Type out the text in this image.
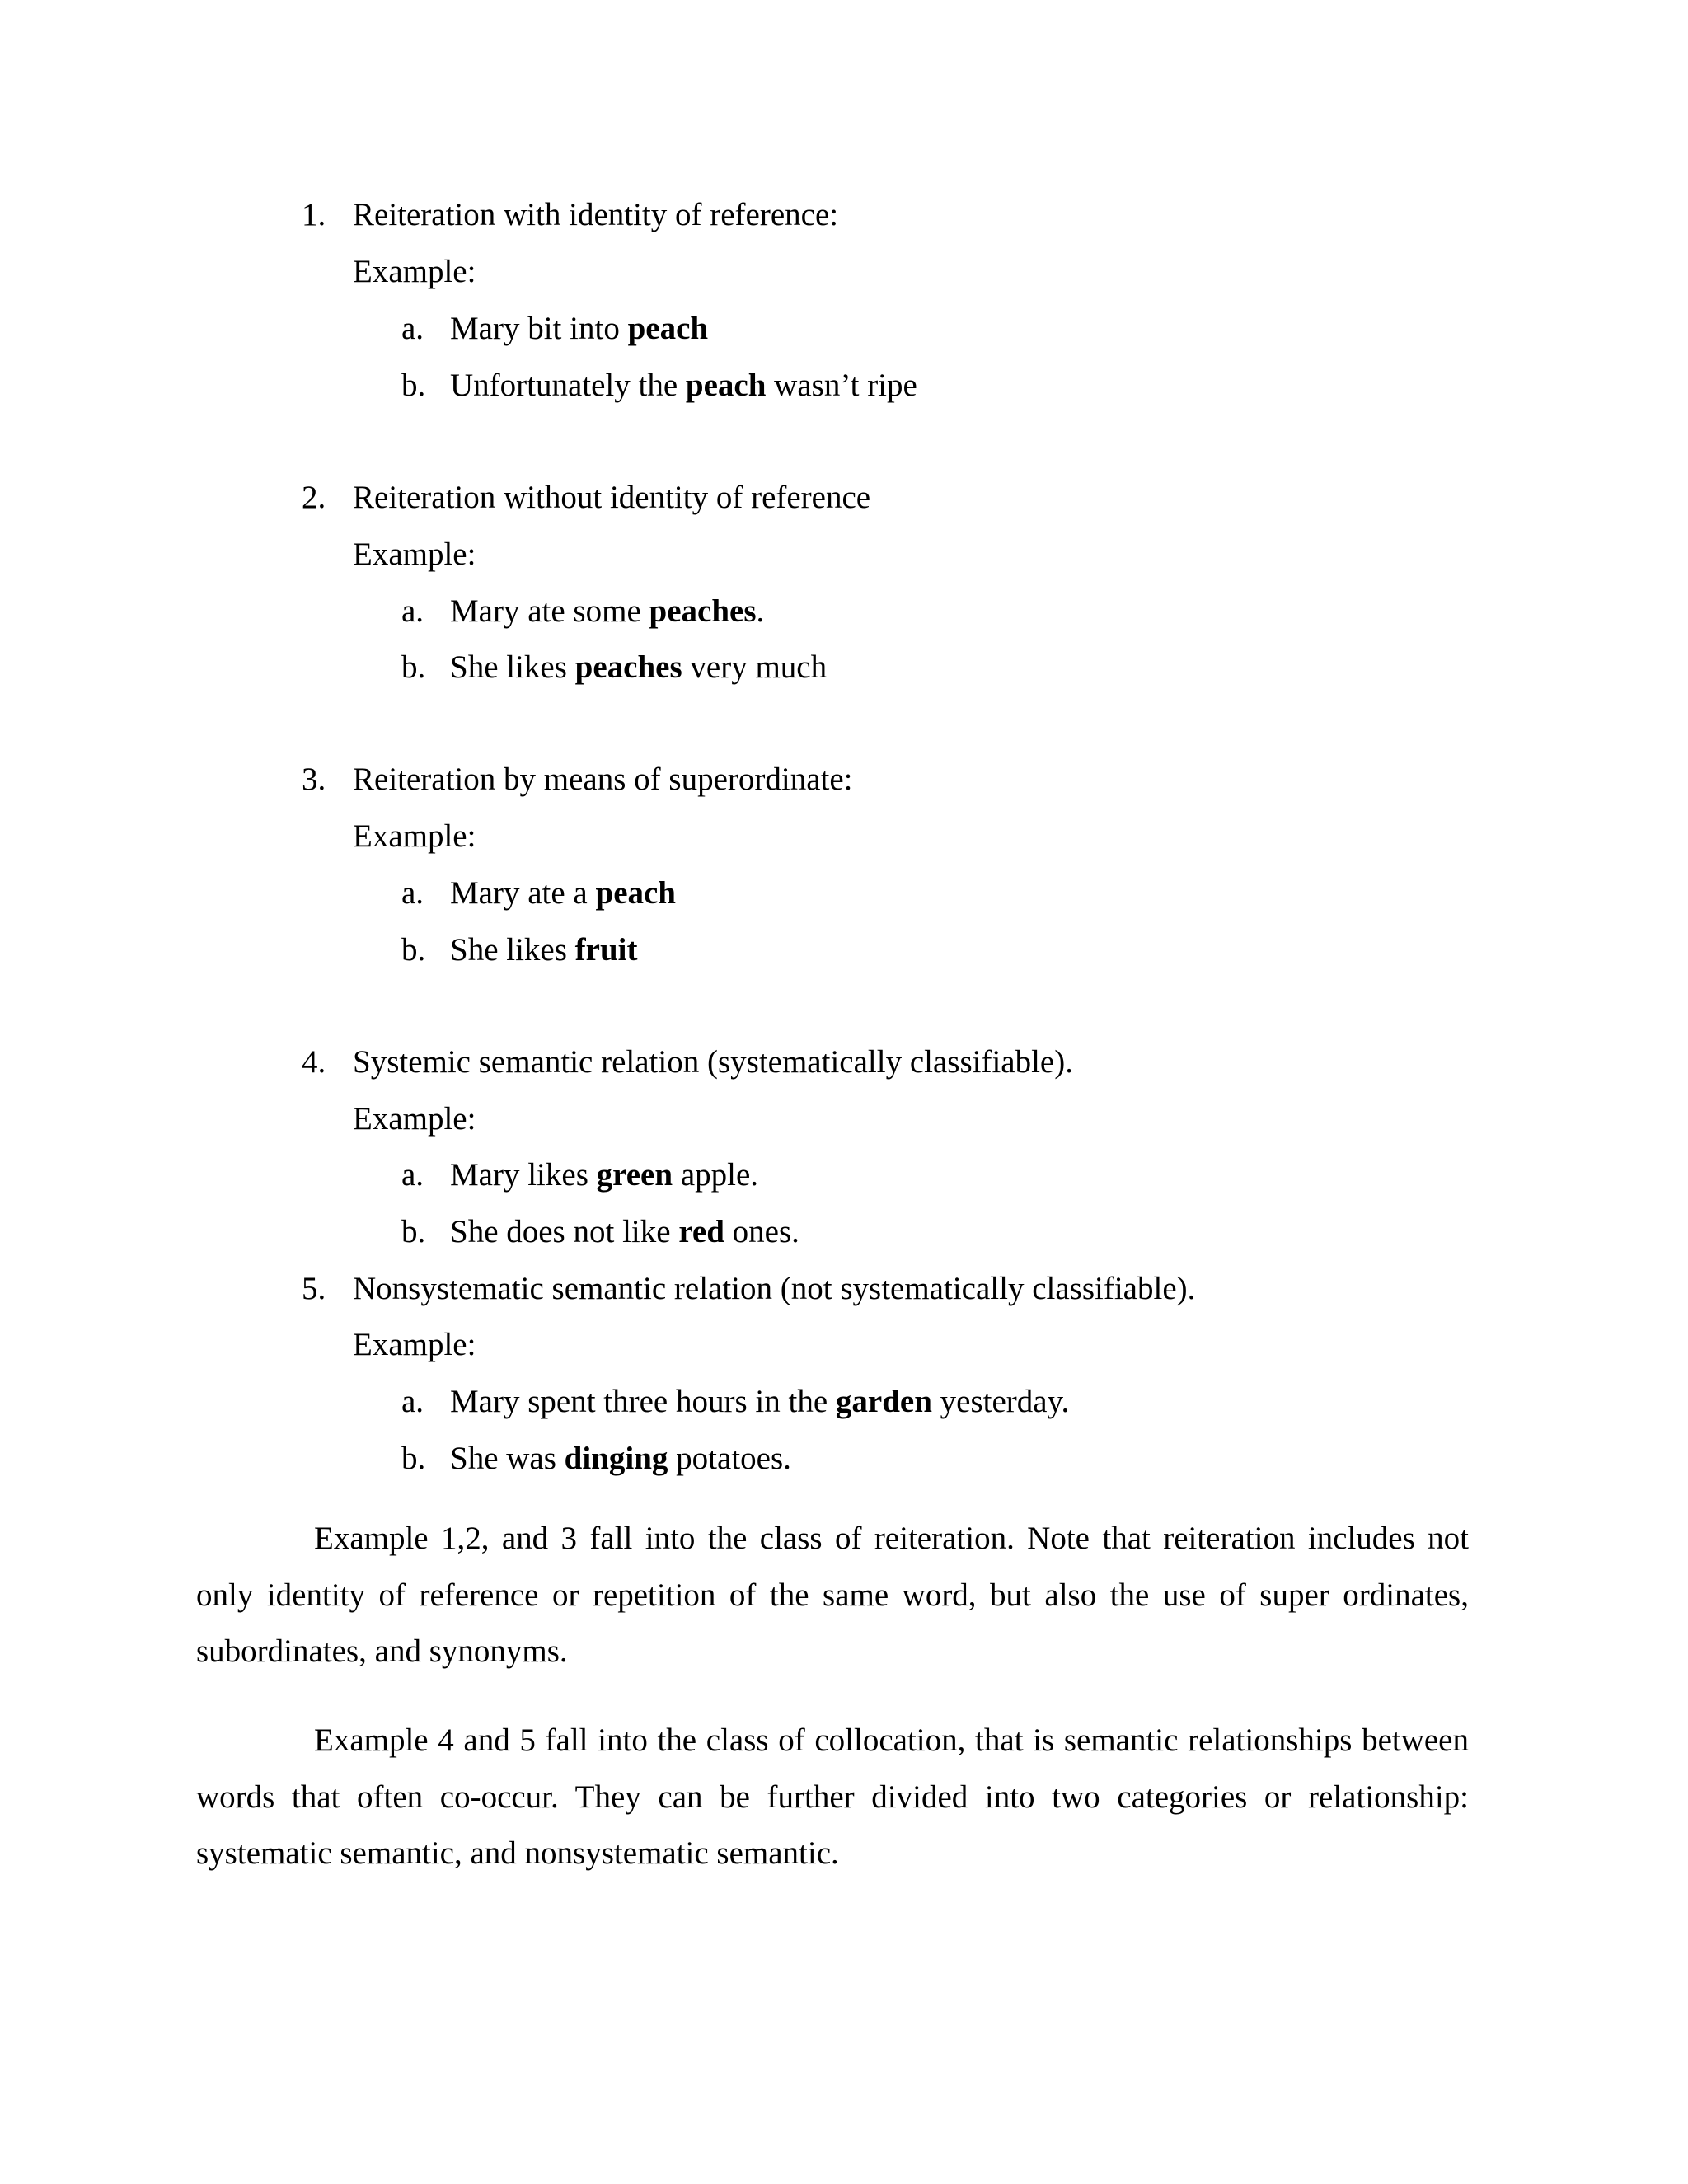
1. Reiteration with identity of reference:
Example:
a. Mary bit into peach
b. Unfortunately the peach wasn’t ripe
2. Reiteration without identity of reference
Example:
a. Mary ate some peaches.
b. She likes peaches very much
3. Reiteration by means of superordinate:
Example:
a. Mary ate a peach
b. She likes fruit
4. Systemic semantic relation (systematically classifiable).
Example:
a. Mary likes green apple.
b. She does not like red ones.
5. Nonsystematic semantic relation (not systematically classifiable).
Example:
a. Mary spent three hours in the garden yesterday.
b. She was dinging potatoes.

Example 1,2, and 3 fall into the class of reiteration. Note that reiteration includes not only identity of reference or repetition of the same word, but also the use of super ordinates, subordinates, and synonyms.

Example 4 and 5 fall into the class of collocation, that is semantic relationships between words that often co-occur. They can be further divided into two categories or relationship: systematic semantic, and nonsystematic semantic.
